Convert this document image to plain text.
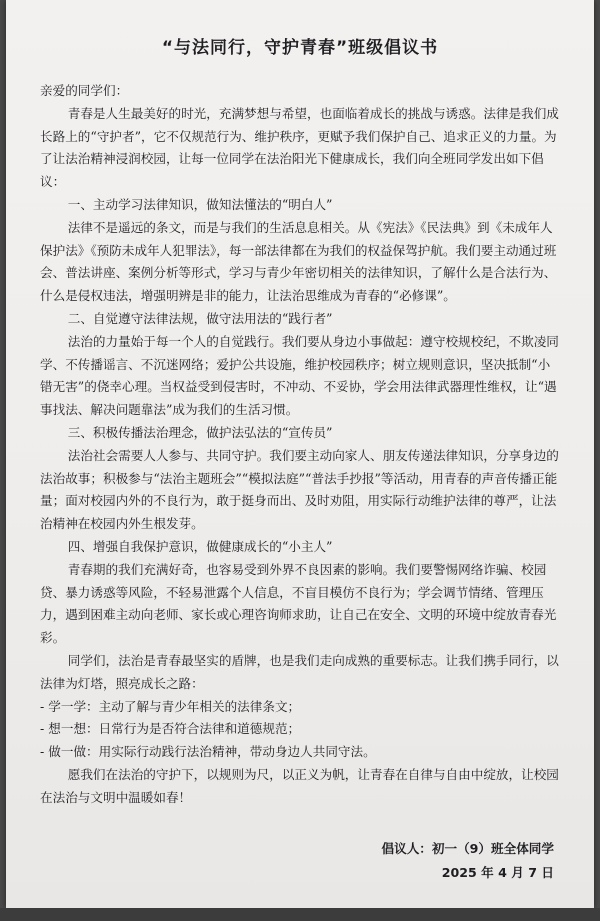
“与法同行，守护青春”班级倡议书

亲爱的同学们：

青春是人生最美好的时光，充满梦想与希望，也面临着成长的挑战与诱惑。法律是我们成长路上的“守护者”，它不仅规范行为、维护秩序，更赋予我们保护自己、追求正义的力量。为了让法治精神浸润校园，让每一位同学在法治阳光下健康成长，我们向全班同学发出如下倡议：

一、主动学习法律知识，做知法懂法的“明白人”

法律不是遥远的条文，而是与我们的生活息息相关。从《宪法》《民法典》到《未成年人保护法》《预防未成年人犯罪法》，每一部法律都在为我们的权益保驾护航。我们要主动通过班会、普法讲座、案例分析等形式，学习与青少年密切相关的法律知识，了解什么是合法行为、什么是侵权违法，增强明辨是非的能力，让法治思维成为青春的“必修课”。

二、自觉遵守法律法规，做守法用法的“践行者”

法治的力量始于每一个人的自觉践行。我们要从身边小事做起：遵守校规校纪，不欺凌同学、不传播谣言、不沉迷网络；爱护公共设施，维护校园秩序；树立规则意识，坚决抵制“小错无害”的侥幸心理。当权益受到侵害时，不冲动、不妥协，学会用法律武器理性维权，让“遇事找法、解决问题靠法”成为我们的生活习惯。

三、积极传播法治理念，做护法弘法的“宣传员”

法治社会需要人人参与、共同守护。我们要主动向家人、朋友传递法律知识，分享身边的法治故事；积极参与“法治主题班会”“模拟法庭”“普法手抄报”等活动，用青春的声音传播正能量；面对校园内外的不良行为，敢于挺身而出、及时劝阻，用实际行动维护法律的尊严，让法治精神在校园内外生根发芽。

四、增强自我保护意识，做健康成长的“小主人”

青春期的我们充满好奇，也容易受到外界不良因素的影响。我们要警惕网络诈骗、校园贷、暴力诱惑等风险，不轻易泄露个人信息，不盲目模仿不良行为；学会调节情绪、管理压力，遇到困难主动向老师、家长或心理咨询师求助，让自己在安全、文明的环境中绽放青春光彩。

同学们，法治是青春最坚实的盾牌，也是我们走向成熟的重要标志。让我们携手同行，以法律为灯塔，照亮成长之路：

- 学一学：主动了解与青少年相关的法律条文；

- 想一想：日常行为是否符合法律和道德规范；

- 做一做：用实际行动践行法治精神，带动身边人共同守法。

愿我们在法治的守护下，以规则为尺，以正义为帆，让青春在自律与自由中绽放，让校园在法治与文明中温暖如春！

倡议人：初一（9）班全体同学
2025 年 4 月 7 日
